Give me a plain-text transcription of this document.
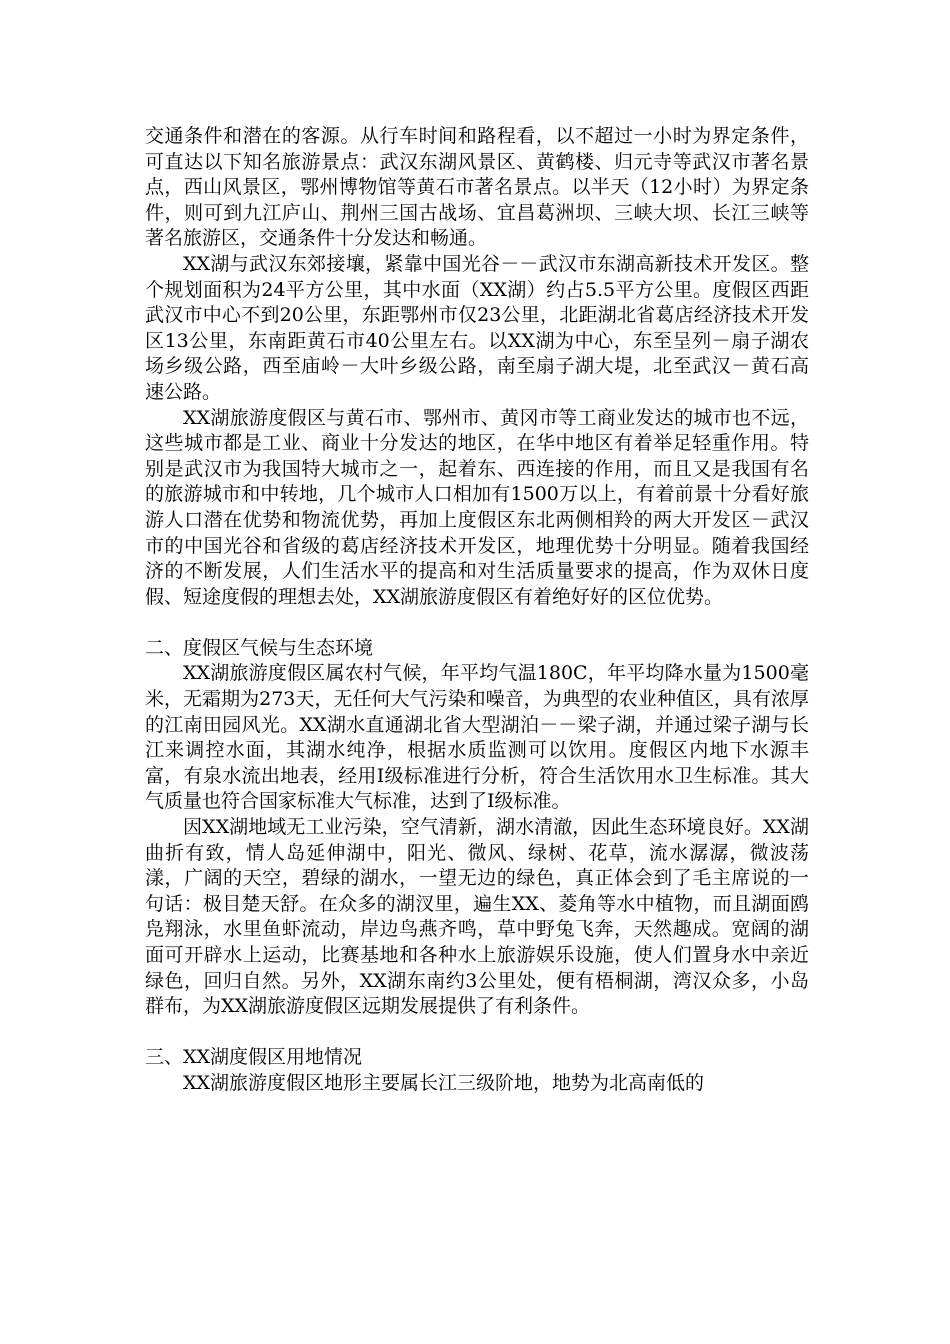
交通条件和潜在的客源。从行车时间和路程看，以不超过一小时为界定条件，可直达以下知名旅游景点：武汉东湖风景区、黄鹤楼、归元寺等武汉市著名景点，西山风景区，鄂州博物馆等黄石市著名景点。以半天（12小时）为界定条件，则可到九江庐山、荆州三国古战场、宜昌葛洲坝、三峡大坝、长江三峡等著名旅游区，交通条件十分发达和畅通。

XX湖与武汉东郊接壤，紧靠中国光谷－－武汉市东湖高新技术开发区。整个规划面积为24平方公里，其中水面（XX湖）约占5.5平方公里。度假区西距武汉市中心不到20公里，东距鄂州市仅23公里，北距湖北省葛店经济技术开发区13公里，东南距黄石市40公里左右。以XX湖为中心，东至呈列－扇子湖农场乡级公路，西至庙岭－大叶乡级公路，南至扇子湖大堤，北至武汉－黄石高速公路。

XX湖旅游度假区与黄石市、鄂州市、黄冈市等工商业发达的城市也不远，这些城市都是工业、商业十分发达的地区，在华中地区有着举足轻重作用。特别是武汉市为我国特大城市之一，起着东、西连接的作用，而且又是我国有名的旅游城市和中转地，几个城市人口相加有1500万以上，有着前景十分看好旅游人口潜在优势和物流优势，再加上度假区东北两侧相羚的两大开发区－武汉市的中国光谷和省级的葛店经济技术开发区，地理优势十分明显。随着我国经济的不断发展，人们生活水平的提高和对生活质量要求的提高，作为双休日度假、短途度假的理想去处，XX湖旅游度假区有着绝好好的区位优势。

二、度假区气候与生态环境

XX湖旅游度假区属农村气候，年平均气温180C，年平均降水量为1500毫米，无霜期为273天，无任何大气污染和噪音，为典型的农业种值区，具有浓厚的江南田园风光。XX湖水直通湖北省大型湖泊－－梁子湖，并通过梁子湖与长江来调控水面，其湖水纯净，根据水质监测可以饮用。度假区内地下水源丰富，有泉水流出地表，经用I级标准进行分析，符合生活饮用水卫生标准。其大气质量也符合国家标准大气标准，达到了I级标准。

因XX湖地域无工业污染，空气清新，湖水清澈，因此生态环境良好。XX湖曲折有致，情人岛延伸湖中，阳光、微风、绿树、花草，流水潺潺，微波荡漾，广阔的天空，碧绿的湖水，一望无边的绿色，真正体会到了毛主席说的一句话：极目楚天舒。在众多的湖汊里，遍生XX、菱角等水中植物，而且湖面鸥凫翔泳，水里鱼虾流动，岸边鸟燕齐鸣，草中野兔飞奔，天然趣成。宽阔的湖面可开辟水上运动，比赛基地和各种水上旅游娱乐设施，使人们置身水中亲近绿色，回归自然。另外，XX湖东南约3公里处，便有梧桐湖，湾汉众多，小岛群布，为XX湖旅游度假区远期发展提供了有利条件。

三、XX湖度假区用地情况

XX湖旅游度假区地形主要属长江三级阶地，地势为北高南低的
